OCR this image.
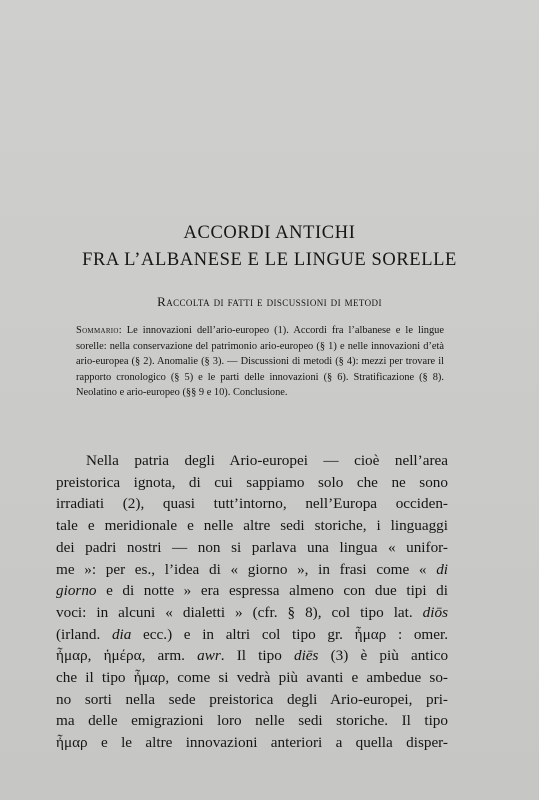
ACCORDI ANTICHI
FRA L’ALBANESE E LE LINGUE SORELLE
Raccolta di fatti e discussioni di metodi
Sommario: Le innovazioni dell’ario-europeo (1). Accordi fra l’albanese e le lingue sorelle: nella conservazione del patrimonio ario-europeo (§ 1) e nelle innovazioni d’età ario-europea (§ 2). Anomalie (§ 3). — Discussioni di metodi (§ 4): mezzi per trovare il rapporto cronologico (§ 5) e le parti delle innovazioni (§ 6). Stratificazione (§ 8). Neolatino e ario-europeo (§§ 9 e 10). Conclusione.
Nella patria degli Ario-europei — cioè nell’area
preistorica ignota, di cui sappiamo solo che ne sono
irradiati (2), quasi tutt’intorno, nell’Europa occiden-
tale e meridionale e nelle altre sedi storiche, i linguaggi
dei padri nostri — non si parlava una lingua « unifor-
me »: per es., l’idea di « giorno », in frasi come « di
giorno e di notte » era espressa almeno con due tipi di
voci: in alcuni « dialetti » (cfr. § 8), col tipo lat. diōs
(irland. dia ecc.) e in altri col tipo gr. ἦμαρ : omer.
ἦμαρ, ἡμέρα, arm. awr. Il tipo diēs (3) è più antico
che il tipo ἦμαρ, come si vedrà più avanti e ambedue so-
no sorti nella sede preistorica degli Ario-europei, pri-
ma delle emigrazioni loro nelle sedi storiche. Il tipo
ἦμαρ e le altre innovazioni anteriori a quella disper-
